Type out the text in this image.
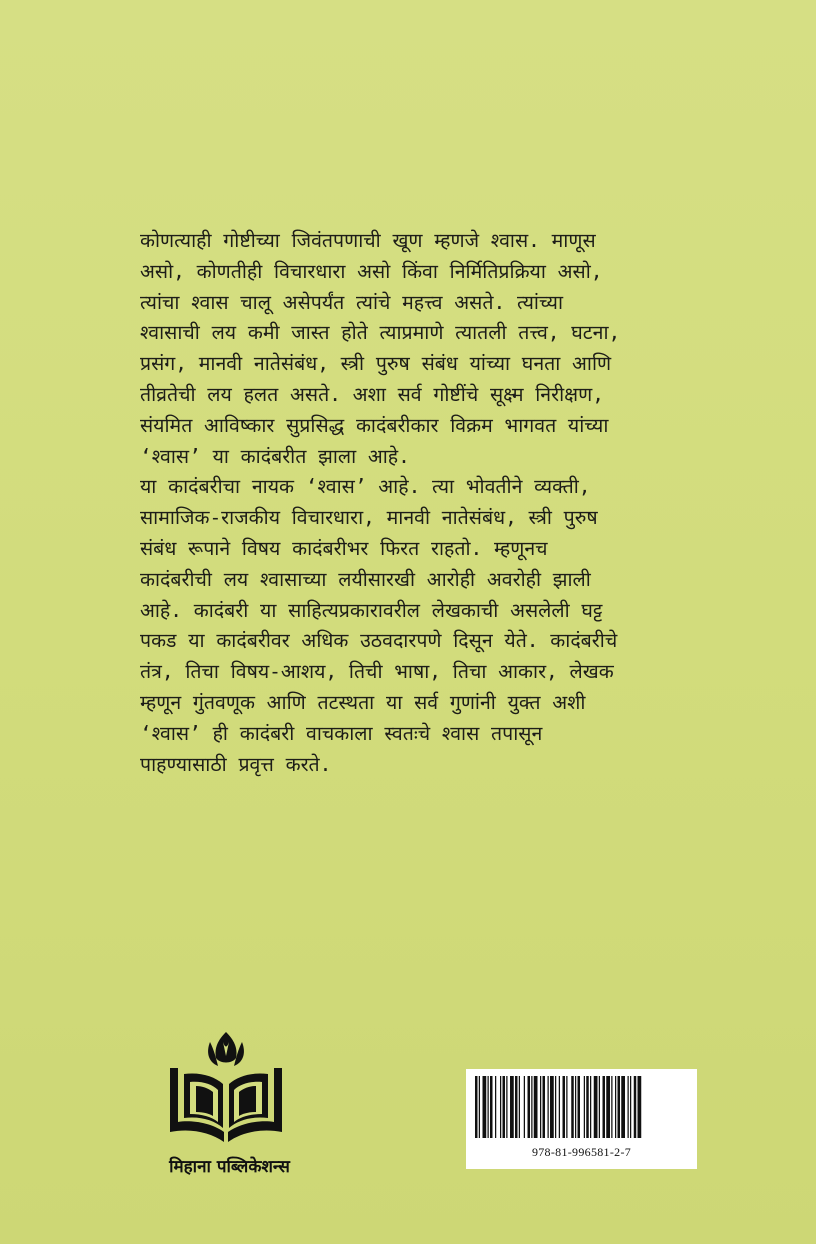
कोणत्याही गोष्टीच्या जिवंतपणाची खूण म्हणजे श्वास. माणूस
असो, कोणतीही विचारधारा असो किंवा निर्मितिप्रक्रिया असो,
त्यांचा श्वास चालू असेपर्यंत त्यांचे महत्त्व असते. त्यांच्या
श्वासाची लय कमी जास्त होते त्याप्रमाणे त्यातली तत्त्व, घटना,
प्रसंग, मानवी नातेसंबंध, स्त्री पुरुष संबंध यांच्या घनता आणि
तीव्रतेची लय हलत असते. अशा सर्व गोष्टींचे सूक्ष्म निरीक्षण,
संयमित आविष्कार सुप्रसिद्ध कादंबरीकार विक्रम भागवत यांच्या
‘श्वास’ या कादंबरीत झाला आहे.
या कादंबरीचा नायक ‘श्वास’ आहे. त्या भोवतीने व्यक्ती,
सामाजिक-राजकीय विचारधारा, मानवी नातेसंबंध, स्त्री पुरुष
संबंध रूपाने विषय कादंबरीभर फिरत राहतो. म्हणूनच
कादंबरीची लय श्वासाच्या लयीसारखी आरोही अवरोही झाली
आहे. कादंबरी या साहित्यप्रकारावरील लेखकाची असलेली घट्ट
पकड या कादंबरीवर अधिक उठवदारपणे दिसून येते. कादंबरीचे
तंत्र, तिचा विषय-आशय, तिची भाषा, तिचा आकार, लेखक
म्हणून गुंतवणूक आणि तटस्थता या सर्व गुणांनी युक्त अशी
‘श्वास’ ही कादंबरी वाचकाला स्वतःचे श्वास तपासून
पाहण्यासाठी प्रवृत्त करते.
मिहाना पब्लिकेशन्स
978-81-996581-2-7
